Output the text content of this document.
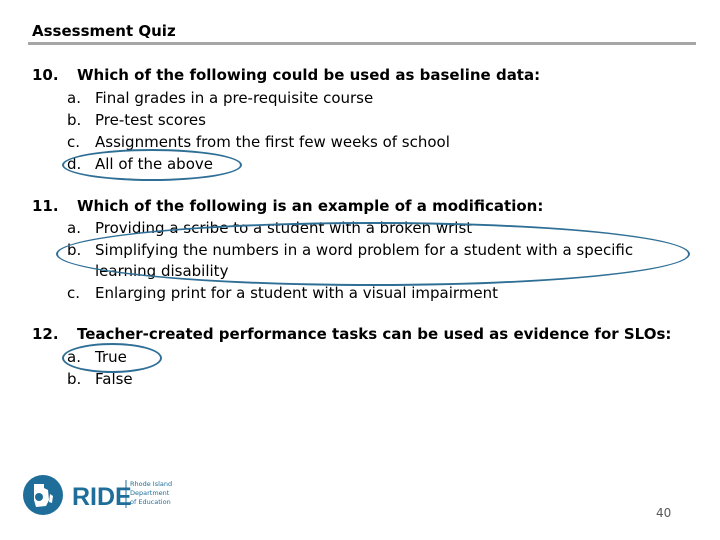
Assessment Quiz
10. Which of the following could be used as baseline data:
a. Final grades in a pre-requisite course
b. Pre-test scores
c. Assignments from the first few weeks of school
d. All of the above
11. Which of the following is an example of a modification:
a. Providing a scribe to a student with a broken wrist
b. Simplifying the numbers in a word problem for a student with a specific
learning disability
c. Enlarging print for a student with a visual impairment
12. Teacher-created performance tasks can be used as evidence for SLOs:
a. True
b. False
RIDE
Rhode Island
Department
of Education
40
